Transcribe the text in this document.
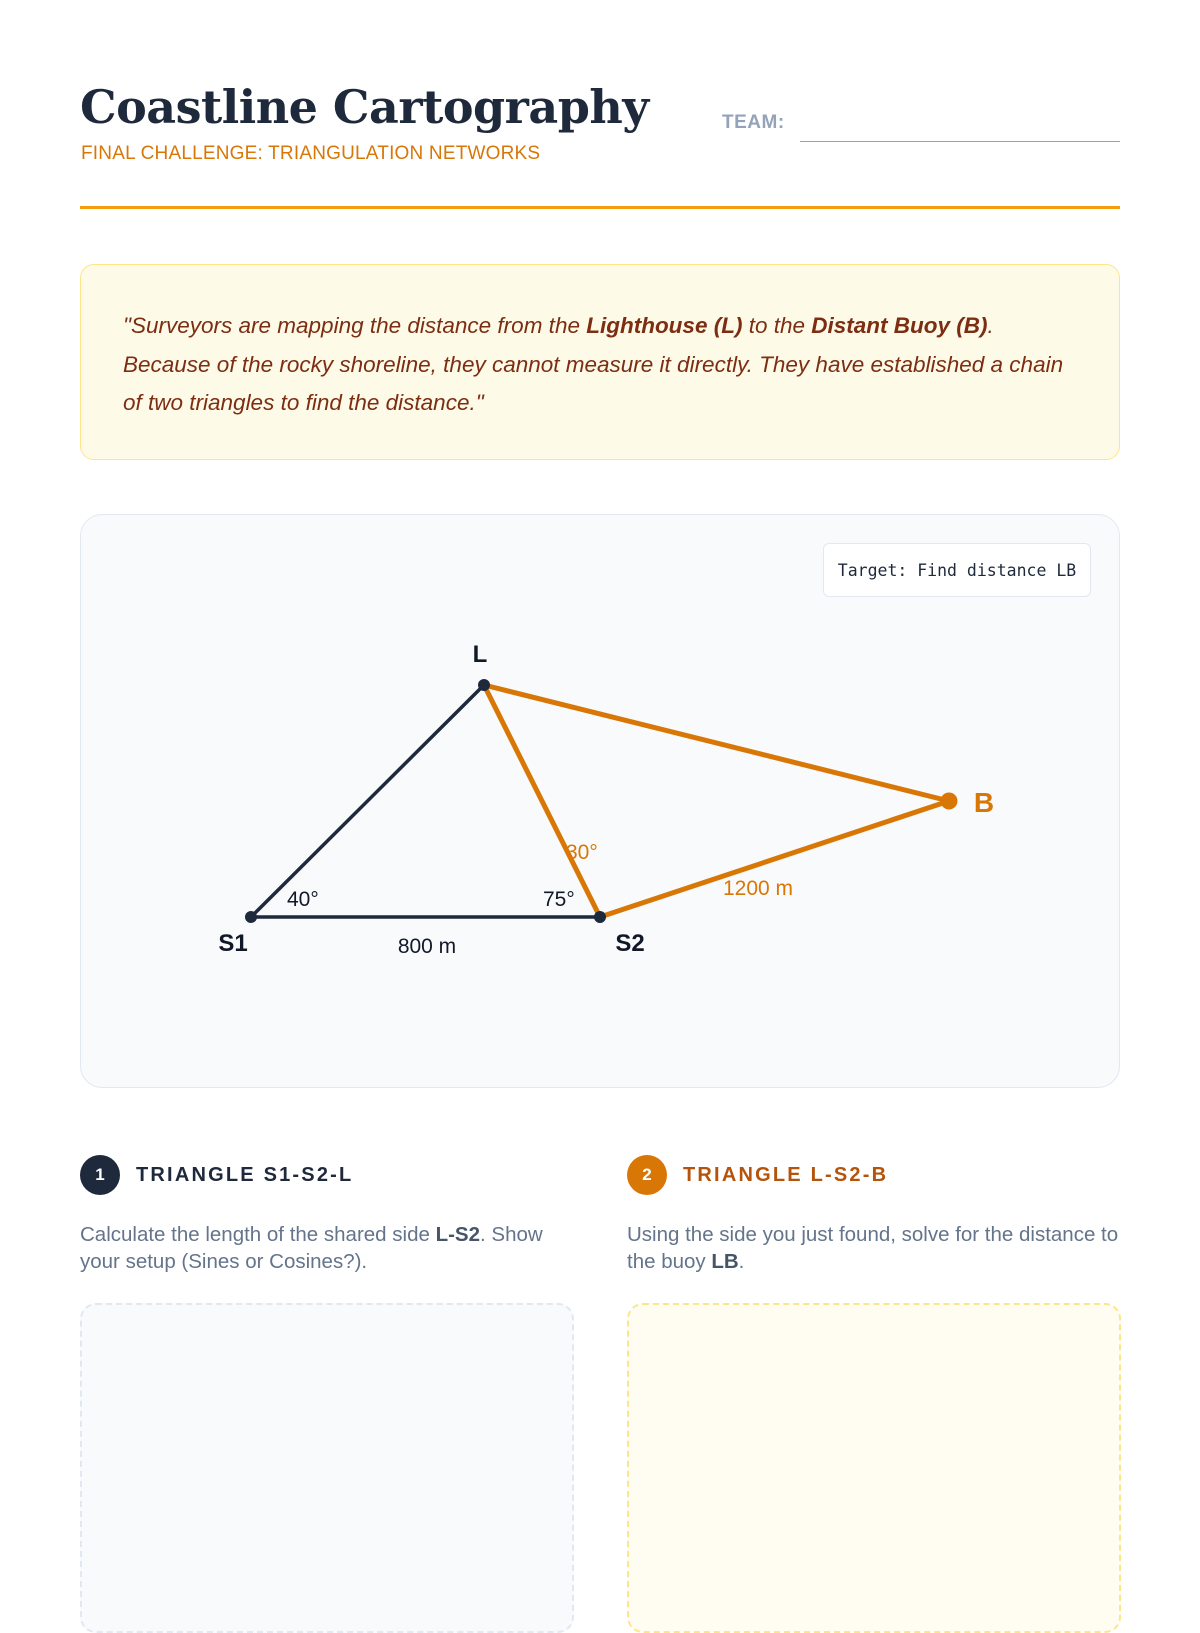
Coastline Cartography
FINAL CHALLENGE: TRIANGULATION NETWORKS
TEAM:
"Surveyors are mapping the distance from the Lighthouse (L) to the Distant Buoy (B). Because of the rocky shoreline, they cannot measure it directly. They have established a chain of two triangles to find the distance."
Target: Find distance LB
S1	S2
L
B
40°	75°
30°
800 m
1200 m
1	TRIANGLE S1-S2-L
Calculate the length of the shared side L-S2. Show your setup (Sines or Cosines?).
2	TRIANGLE L-S2-B
Using the side you just found, solve for the distance to the buoy LB.
